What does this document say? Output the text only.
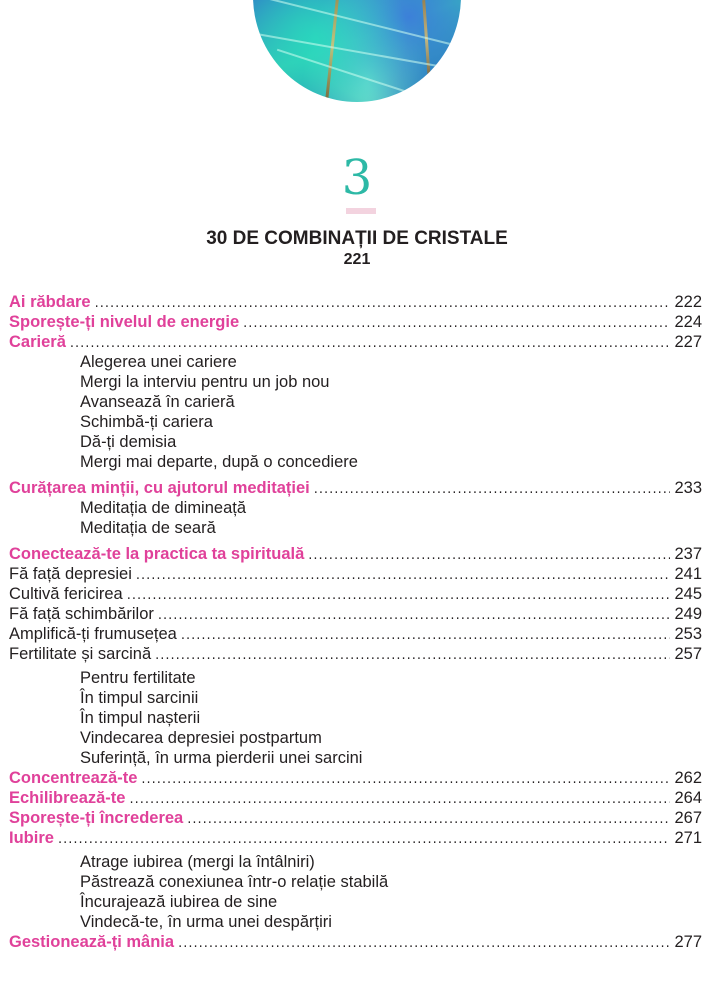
3
30 DE COMBINAȚII DE CRISTALE
221
Ai răbdare .....	222
Sporește-ți nivelul de energie .....	224
Carieră .....	227
Alegerea unei cariere
Mergi la interviu pentru un job nou
Avansează în carieră
Schimbă-ți cariera
Dă-ți demisia
Mergi mai departe, după o concediere
Curățarea minții, cu ajutorul meditației .....	233
Meditația de dimineață
Meditația de seară
Conectează-te la practica ta spirituală .....	237
Fă față depresiei .....	241
Cultivă fericirea .....	245
Fă față schimbărilor .....	249
Amplifică-ți frumusețea .....	253
Fertilitate și sarcină .....	257
Pentru fertilitate
În timpul sarcinii
În timpul nașterii
Vindecarea depresiei postpartum
Suferință, în urma pierderii unei sarcini
Concentrează-te .....	262
Echilibrează-te .....	264
Sporește-ți încrederea .....	267
Iubire .....	271
Atrage iubirea (mergi la întâlniri)
Păstrează conexiunea într-o relație stabilă
Încurajează iubirea de sine
Vindecă-te, în urma unei despărțiri
Gestionează-ți mânia .....	277
